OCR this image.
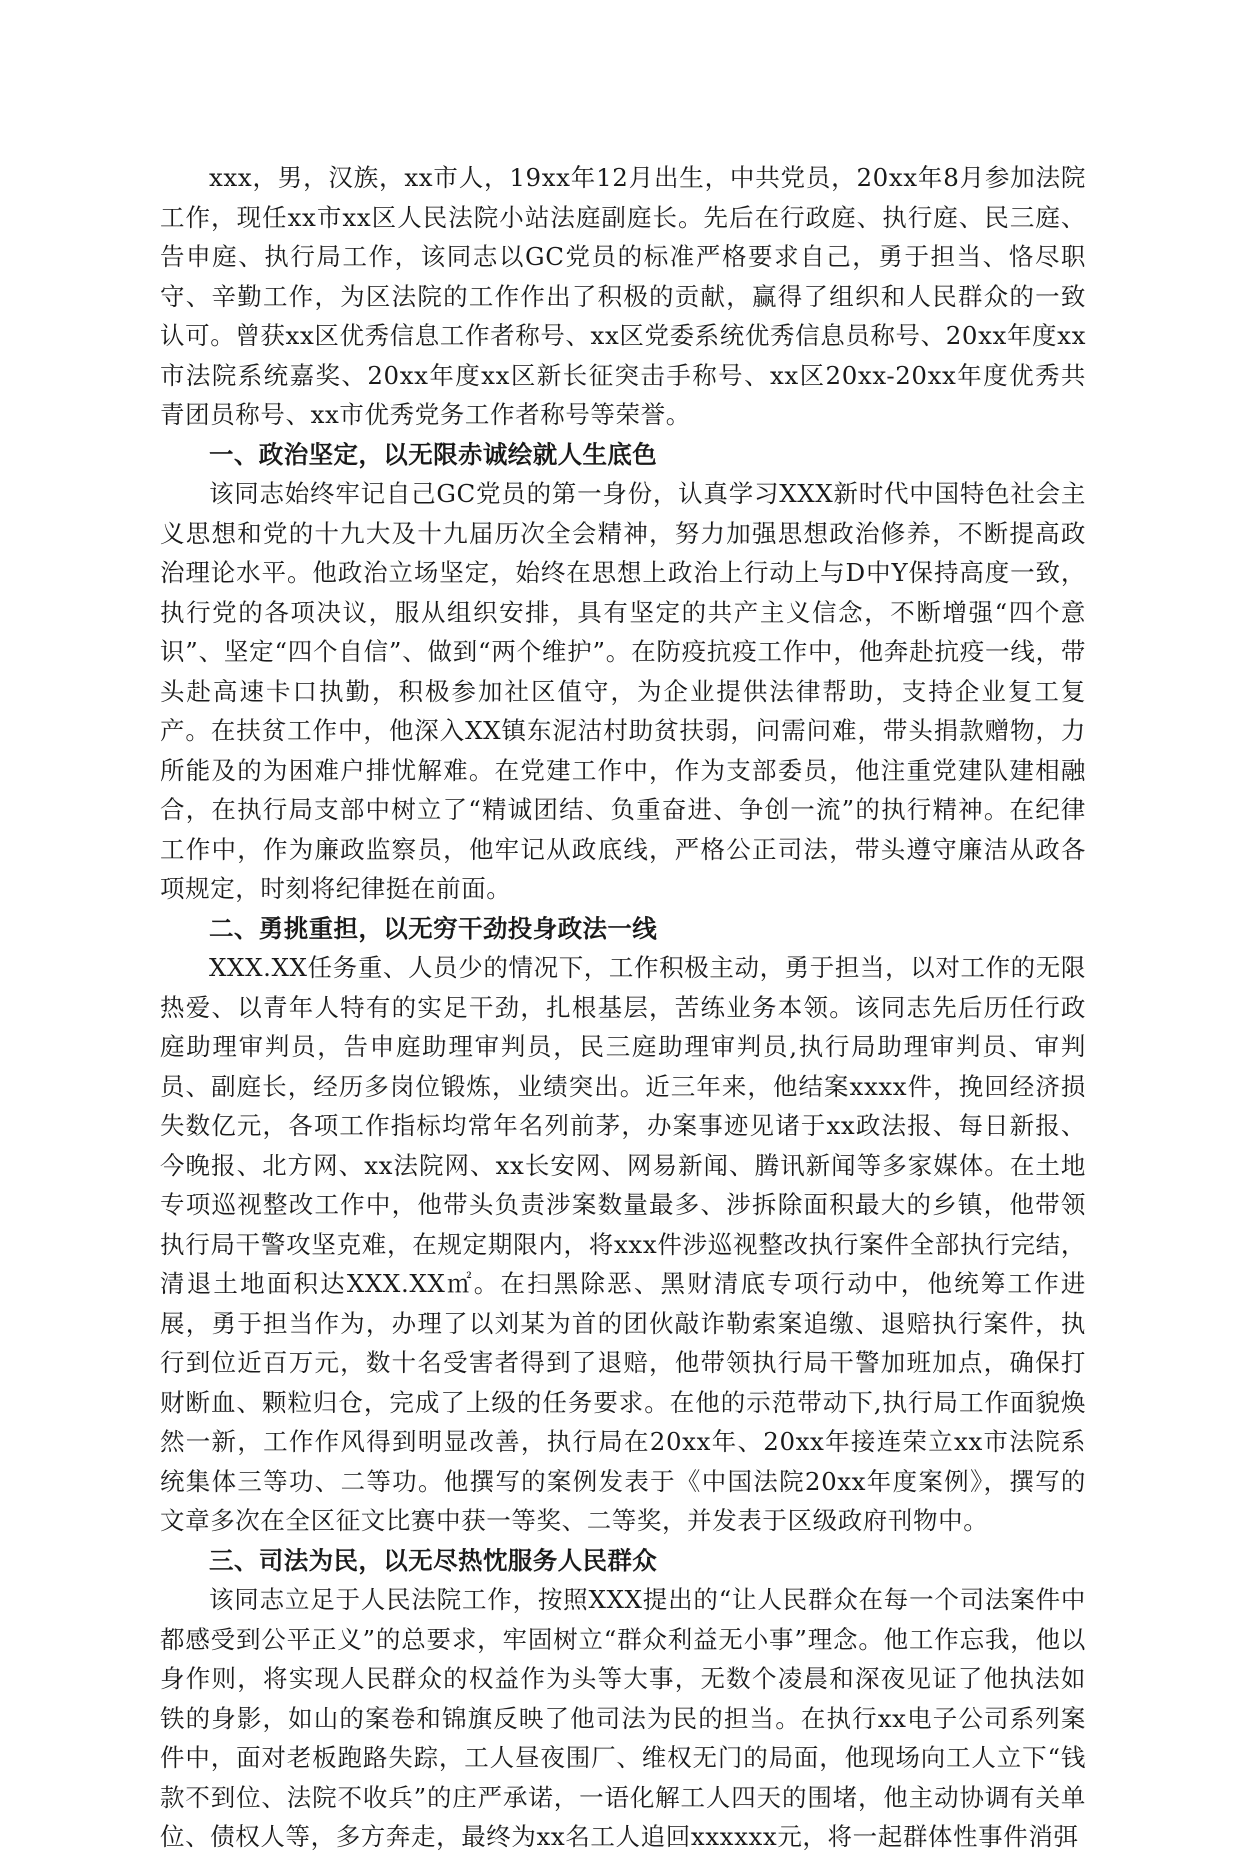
xxx，男，汉族，xx市人，19xx年12月出生，中共党员，20xx年8月参加法院工作，现任xx市xx区人民法院小站法庭副庭长。先后在行政庭、执行庭、民三庭、告申庭、执行局工作，该同志以GC党员的标准严格要求自己，勇于担当、恪尽职守、辛勤工作，为区法院的工作作出了积极的贡献，赢得了组织和人民群众的一致认可。曾获xx区优秀信息工作者称号、xx区党委系统优秀信息员称号、20xx年度xx市法院系统嘉奖、20xx年度xx区新长征突击手称号、xx区20xx-20xx年度优秀共青团员称号、xx市优秀党务工作者称号等荣誉。

一、政治坚定，以无限赤诚绘就人生底色

该同志始终牢记自己GC党员的第一身份，认真学习XXX新时代中国特色社会主义思想和党的十九大及十九届历次全会精神，努力加强思想政治修养，不断提高政治理论水平。他政治立场坚定，始终在思想上政治上行动上与D中Y保持高度一致，执行党的各项决议，服从组织安排，具有坚定的共产主义信念，不断增强“四个意识”、坚定“四个自信”、做到“两个维护”。在防疫抗疫工作中，他奔赴抗疫一线，带头赴高速卡口执勤，积极参加社区值守，为企业提供法律帮助，支持企业复工复产。在扶贫工作中，他深入XX镇东泥沽村助贫扶弱，问需问难，带头捐款赠物，力所能及的为困难户排忧解难。在党建工作中，作为支部委员，他注重党建队建相融合，在执行局支部中树立了“精诚团结、负重奋进、争创一流”的执行精神。在纪律工作中，作为廉政监察员，他牢记从政底线，严格公正司法，带头遵守廉洁从政各项规定，时刻将纪律挺在前面。

二、勇挑重担，以无穷干劲投身政法一线

XXX.XX任务重、人员少的情况下，工作积极主动，勇于担当，以对工作的无限热爱、以青年人特有的实足干劲，扎根基层，苦练业务本领。该同志先后历任行政庭助理审判员，告申庭助理审判员，民三庭助理审判员,执行局助理审判员、审判员、副庭长，经历多岗位锻炼，业绩突出。近三年来，他结案xxxx件，挽回经济损失数亿元，各项工作指标均常年名列前茅，办案事迹见诸于xx政法报、每日新报、今晚报、北方网、xx法院网、xx长安网、网易新闻、腾讯新闻等多家媒体。在土地专项巡视整改工作中，他带头负责涉案数量最多、涉拆除面积最大的乡镇，他带领执行局干警攻坚克难，在规定期限内，将xxx件涉巡视整改执行案件全部执行完结，清退土地面积达XXX.XX㎡。在扫黑除恶、黑财清底专项行动中，他统筹工作进展，勇于担当作为，办理了以刘某为首的团伙敲诈勒索案追缴、退赔执行案件，执行到位近百万元，数十名受害者得到了退赔，他带领执行局干警加班加点，确保打财断血、颗粒归仓，完成了上级的任务要求。在他的示范带动下,执行局工作面貌焕然一新，工作作风得到明显改善，执行局在20xx年、20xx年接连荣立xx市法院系统集体三等功、二等功。他撰写的案例发表于《中国法院20xx年度案例》，撰写的文章多次在全区征文比赛中获一等奖、二等奖，并发表于区级政府刊物中。

三、司法为民，以无尽热忱服务人民群众

该同志立足于人民法院工作，按照XXX提出的“让人民群众在每一个司法案件中都感受到公平正义”的总要求，牢固树立“群众利益无小事”理念。他工作忘我，他以身作则，将实现人民群众的权益作为头等大事，无数个凌晨和深夜见证了他执法如铁的身影，如山的案卷和锦旗反映了他司法为民的担当。在执行xx电子公司系列案件中，面对老板跑路失踪，工人昼夜围厂、维权无门的局面，他现场向工人立下“钱款不到位、法院不收兵”的庄严承诺，一语化解工人四天的围堵，他主动协调有关单位、债权人等，多方奔走，最终为xx名工人追回xxxxxx元，将一起群体性事件消弭
